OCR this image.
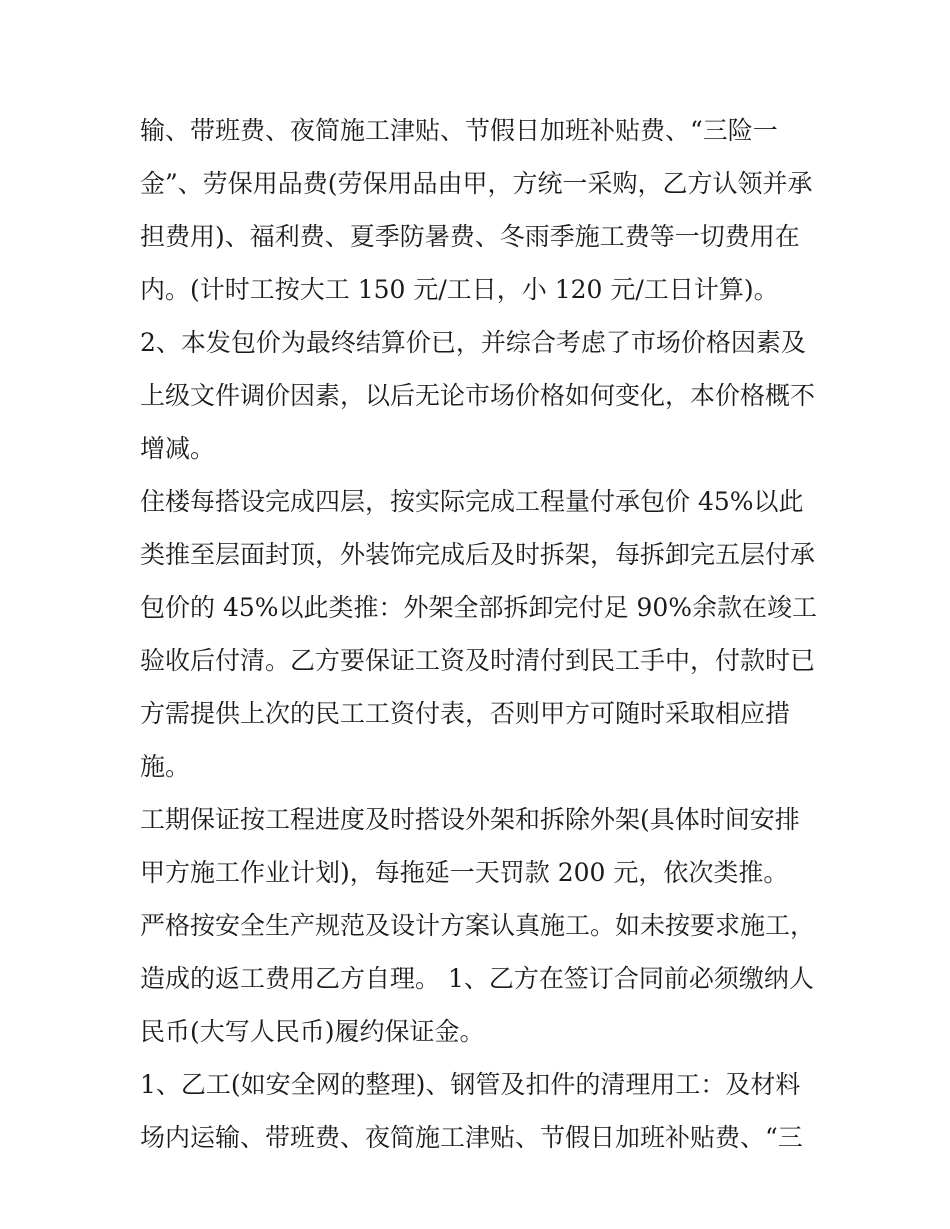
输、带班费、夜简施工津贴、节假日加班补贴费、“三险一
金”、劳保用品费(劳保用品由甲，方统一采购，乙方认领并承
担费用)、福利费、夏季防暑费、冬雨季施工费等一切费用在
内。(计时工按大工 150 元/工日，小 120 元/工日计算)。
2、本发包价为最终结算价已，并综合考虑了市场价格因素及
上级文件调价因素，以后无论市场价格如何变化，本价格概不
增减。
住楼每搭设完成四层，按实际完成工程量付承包价 45%以此
类推至层面封顶，外装饰完成后及时拆架，每拆卸完五层付承
包价的 45%以此类推：外架全部拆卸完付足 90%余款在竣工
验收后付清。乙方要保证工资及时清付到民工手中，付款时已
方需提供上次的民工工资付表，否则甲方可随时采取相应措
施。
工期保证按工程进度及时搭设外架和拆除外架(具体时间安排
甲方施工作业计划)，每拖延一天罚款 200 元，依次类推。
严格按安全生产规范及设计方案认真施工。如未按要求施工，
造成的返工费用乙方自理。 1、乙方在签订合同前必须缴纳人
民币(大写人民币)履约保证金。
1、乙工(如安全网的整理)、钢管及扣件的清理用工：及材料
场内运输、带班费、夜简施工津贴、节假日加班补贴费、“三
